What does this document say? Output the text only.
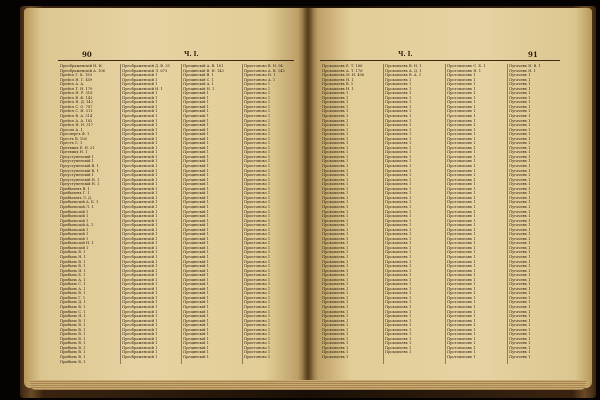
90	Ч. I.
Преображенскій Н. И.
Преображенскій А. 106
Прейсъ Г. К. 183
Прейсъ Н. Г. 459
Прейсъ А. А.
Прейсъ Т. Н. 179
Прейсъ Н. Р. 318
Прейсъ В. Ф. 143
Прейсъ Н. Д. 142
Прейсъ С. О. 787
Прейсъ С. И. 511
Прейсъ В. А. 514
Прейсъ А. А. 182
Прейсъ Н. Н. 317
Преолъ А. 1
Преспергъ Ф. 1
Престъ В. 106
Престъ С. 1
Претвицъ Е. Н. 21
Претвицъ Н. 1
Преуступенскій 1
Преуступенскій 1
Преуступенскій В. 1
Преуступенскій В. 1
Преуступенскій 1
Преуступенскій Н. 1
Преуступенскій Н. 1
Прибылевъ В. 1
Прибылевъ Г. 1
Прибылевъ Л. Д.
Прибыльскій А. Б. 1
Прибыльскій Л. 1
Прибыльскій 1
Прибыльскій 1
Прибыльскій 1
Прибыльскій А. 1
Прибыльскій 1
Прибыльскій 1
Прибыльскій 1
Прибыльскій Н. 1
Прибыльскій 1
Прибыль В. 1
Прибыль Н. 1
Прибыль В. 1
Прибыль В. 1
Прибыль И. 1
Прибыль Б. 1
Прибыль А. 1
Прибыль С. 1
Прибыль А. 1
Прибыль В. 1
Прибыль Г. 1
Прибыль Д. 1
Прибыль В. 1
Прибыль С. 1
Прибыль Н. 1
Прибыль В. 1
Прибыль В. 1
Прибыль В. 1
Прибыль В. 1
Прибыль В. 1
Прибыль В. 1
Прибыль В. 1
Прибыль В. 1
Прибыль В. 1
Прибыль В. 1
Преображенскій Д. В. 35
Преображенскій Л. 673
Преображенскій 1
Преображенскій 1
Преображенскій 1
Преображенскій Н. 1
Преображенскій 1
Преображенскій 1
Преображенскій 1
Преображенскій 1
Преображенскій 1
Преображенскій 1
Преображенскій 1
Преображенскій 1
Преображенскій 1
Преображенскій 1
Преображенскій 1
Преображенскій 1
Преображенскій 1
Преображенскій 1
Преображенскій 1
Преображенскій 1
Преображенскій 1
Преображенскій 1
Преображенскій 1
Преображенскій 1
Преображенскій 1
Преображенскій 1
Преображенскій 1
Преображенскій 1
Преображенскій 1
Преображенскій 1
Преображенскій 1
Преображенскій 1
Преображенскій 1
Преображенскій 1
Преображенскій 1
Преображенскій 1
Преображенскій 1
Преображенскій 1
Преображенскій 1
Преображенскій 1
Преображенскій 1
Преображенскій 1
Преображенскій 1
Преображенскій 1
Преображенскій 1
Преображенскій 1
Преображенскій 1
Преображенскій 1
Преображенскій 1
Преображенскій 1
Преображенскій 1
Преображенскій 1
Преображенскій 1
Преображенскій 1
Преображенскій 1
Преображенскій 1
Преображенскій 1
Преображенскій 1
Преображенскій 1
Преображенскій 1
Преображенскій 1
Преображенскій 1
Преображенскій 1
Прецинскій А. В. 161
Прецинскій В. Н. 143
Прецинскій В. 1
Прецинскій С. 1
Прецинскій А. 1
Прецинскій Н. 1
Прецинскій 1
Прецинскій 1
Прецинскій 1
Прецинскій 1
Прецинскій 1
Прецинскій 1
Прецинскій 1
Прецинскій 1
Прецинскій 1
Прецинскій 1
Прецинскій 1
Прецинскій 1
Прецинскій 1
Прецинскій 1
Прецинскій 1
Прецинскій 1
Прецинскій 1
Прецинскій 1
Прецинскій 1
Прецинскій 1
Прецинскій 1
Прецинскій 1
Прецинскій 1
Прецинскій 1
Прецинскій 1
Прецинскій 1
Прецинскій 1
Прецинскій 1
Прецинскій 1
Прецинскій 1
Прецинскій 1
Прецинскій 1
Прецинскій 1
Прецинскій 1
Прецинскій 1
Прецинскій 1
Прецинскій 1
Прецинскій 1
Прецинскій 1
Прецинскій 1
Прецинскій 1
Прецинскій 1
Прецинскій 1
Прецинскій 1
Прецинскій 1
Прецинскій 1
Прецинскій 1
Прецинскій 1
Прецинскій 1
Прецинскій 1
Прецинскій 1
Прецинскій 1
Прецинскій 1
Прецинскій 1
Прецинскій 1
Прецинскій 1
Прецинскій 1
Прецинскій 1
Прецинскій 1
Пристоново В. Н. 94
Пристоново А. В. 143
Пристоново Н. 1
Пристоново А. 1
Пристоново 1
Пристоново 1
Пристоново 1
Пристоново 1
Пристоново 1
Пристоново 1
Пристоново 1
Пристоново 1
Пристоново 1
Пристоново 1
Пристоново 1
Пристоново 1
Пристоново 1
Пристоново 1
Пристоново 1
Пристоново 1
Пристоново 1
Пристоново 1
Пристоново 1
Пристоново 1
Пристоново 1
Пристоново 1
Пристоново 1
Пристоново 1
Пристоново 1
Пристоново 1
Пристоново 1
Пристоново 1
Пристоново 1
Пристоново 1
Пристоново 1
Пристоново 1
Пристоново 1
Пристоново 1
Пристоново 1
Пристоново 1
Пристоново 1
Пристоново 1
Пристоново 1
Пристоново 1
Пристоново 1
Пристоново 1
Пристоново 1
Пристоново 1
Пристоново 1
Пристоново 1
Пристоново 1
Пристоново 1
Пристоново 1
Пристоново 1
Пристоново 1
Пристоново 1
Пристоново 1
Пристоново 1
Пристоново 1
Пристоново 1
Пристоново 1
Пристоново 1
Пристоново 1
Пристоново 1
Пристоново 1
Ч. I.	91
Прокопьевъ Е. Т. 166
Прокопьевъ А. Т. 176
Прокопьевъ М. Н. 406
Прокопьевъ Н. 1
Прокопьевъ В. 1
Прокопьевъ Н. 1
Прокопьевъ 1
Прокопьевъ 1
Прокопьевъ 1
Прокопьевъ 1
Прокопьевъ 1
Прокопьевъ 1
Прокопьевъ 1
Прокопьевъ 1
Прокопьевъ 1
Прокопьевъ 1
Прокопьевъ 1
Прокопьевъ 1
Прокопьевъ 1
Прокопьевъ 1
Прокопьевъ 1
Прокопьевъ 1
Прокопьевъ 1
Прокопьевъ 1
Прокопьевъ 1
Прокопьевъ 1
Прокопьевъ 1
Прокопьевъ 1
Прокопьевъ 1
Прокопьевъ 1
Прокопьевъ 1
Прокопьевъ 1
Прокопьевъ 1
Прокопьевъ 1
Прокопьевъ 1
Прокопьевъ 1
Прокопьевъ 1
Прокопьевъ 1
Прокопьевъ 1
Прокопьевъ 1
Прокопьевъ 1
Прокопьевъ 1
Прокопьевъ 1
Прокопьевъ 1
Прокопьевъ 1
Прокопьевъ 1
Прокопьевъ 1
Прокопьевъ 1
Прокопьевъ 1
Прокопьевъ 1
Прокопьевъ 1
Прокопьевъ 1
Прокопьевъ 1
Прокопьевъ 1
Прокопьевъ 1
Прокопьевъ 1
Прокопьевъ 1
Прокопьевъ 1
Прокопьевъ 1
Прокопьевъ 1
Прокопьевъ 1
Прокопьевъ 1
Прокопьевъ 1
Прокопьевъ 1
Прокопьевъ 1
Прокопьевъ В. Н. 1
Прокопьевъ А. Д. 1
Прокопьевъ В. А. 1
Прокопьевъ 1
Прокопьевъ 1
Прокопьевъ 1
Прокопьевъ 1
Прокопьевъ 1
Прокопьевъ 1
Прокопьевъ 1
Прокопьевъ 1
Прокопьевъ 1
Прокопьевъ 1
Прокопьевъ 1
Прокопьевъ 1
Прокопьевъ 1
Прокопьевъ 1
Прокопьевъ 1
Прокопьевъ 1
Прокопьевъ 1
Прокопьевъ 1
Прокопьевъ 1
Прокопьевъ 1
Прокопьевъ 1
Прокопьевъ 1
Прокопьевъ 1
Прокопьевъ 1
Прокопьевъ 1
Прокопьевъ 1
Прокопьевъ 1
Прокопьевъ 1
Прокопьевъ 1
Прокопьевъ 1
Прокопьевъ 1
Прокопьевъ 1
Прокопьевъ 1
Прокопьевъ 1
Прокопьевъ 1
Прокопьевъ 1
Прокопьевъ 1
Прокопьевъ 1
Прокопьевъ 1
Прокопьевъ 1
Прокопьевъ 1
Прокопьевъ 1
Прокопьевъ 1
Прокопьевъ 1
Прокопьевъ 1
Прокопьевъ 1
Прокопьевъ 1
Прокопьевъ 1
Прокопьевъ 1
Прокопьевъ 1
Прокопьевъ 1
Прокопьевъ 1
Прокопьевъ 1
Прокопьевъ 1
Прокопьевъ 1
Прокопьевъ 1
Прокопьевъ 1
Прокопьевъ 1
Прокопьевъ 1
Прокопьевъ 1
Прокопьевъ 1
Протопоповъ С. Б. 1
Протопоповъ Н. 1
Протопоповъ 1
Протопоповъ 1
Протопоповъ 1
Протопоповъ 1
Протопоповъ 1
Протопоповъ 1
Протопоповъ 1
Протопоповъ 1
Протопоповъ 1
Протопоповъ 1
Протопоповъ 1
Протопоповъ 1
Протопоповъ 1
Протопоповъ 1
Протопоповъ 1
Протопоповъ 1
Протопоповъ 1
Протопоповъ 1
Протопоповъ 1
Протопоповъ 1
Протопоповъ 1
Протопоповъ 1
Протопоповъ 1
Протопоповъ 1
Протопоповъ 1
Протопоповъ 1
Протопоповъ 1
Протопоповъ 1
Протопоповъ 1
Протопоповъ 1
Протопоповъ 1
Протопоповъ 1
Протопоповъ 1
Протопоповъ 1
Протопоповъ 1
Протопоповъ 1
Протопоповъ 1
Протопоповъ 1
Протопоповъ 1
Протопоповъ 1
Протопоповъ 1
Протопоповъ 1
Протопоповъ 1
Протопоповъ 1
Протопоповъ 1
Протопоповъ 1
Протопоповъ 1
Протопоповъ 1
Протопоповъ 1
Протопоповъ 1
Протопоповъ 1
Протопоповъ 1
Протопоповъ 1
Протопоповъ 1
Протопоповъ 1
Протопоповъ 1
Протопоповъ 1
Протопоповъ 1
Протопоповъ 1
Протопоповъ 1
Протопоповъ 1
Протопоповъ 1
Протопоповъ 1
Пугачевъ Н. В. 1
Пугачевъ Н. 1
Пугачевъ 1
Пугачевъ 1
Пугачевъ 1
Пугачевъ 1
Пугачевъ 1
Пугачевъ 1
Пугачевъ 1
Пугачевъ 1
Пугачевъ 1
Пугачевъ 1
Пугачевъ 1
Пугачевъ 1
Пугачевъ 1
Пугачевъ 1
Пугачевъ 1
Пугачевъ 1
Пугачевъ 1
Пугачевъ 1
Пугачевъ 1
Пугачевъ 1
Пугачевъ 1
Пугачевъ 1
Пугачевъ 1
Пугачевъ 1
Пугачевъ 1
Пугачевъ 1
Пугачевъ 1
Пугачевъ 1
Пугачевъ 1
Пугачевъ 1
Пугачевъ 1
Пугачевъ 1
Пугачевъ 1
Пугачевъ 1
Пугачевъ 1
Пугачевъ 1
Пугачевъ 1
Пугачевъ 1
Пугачевъ 1
Пугачевъ 1
Пугачевъ 1
Пугачевъ 1
Пугачевъ 1
Пугачевъ 1
Пугачевъ 1
Пугачевъ 1
Пугачевъ 1
Пугачевъ 1
Пугачевъ 1
Пугачевъ 1
Пугачевъ 1
Пугачевъ 1
Пугачевъ 1
Пугачевъ 1
Пугачевъ 1
Пугачевъ 1
Пугачевъ 1
Пугачевъ 1
Пугачевъ 1
Пугачевъ 1
Пугачевъ 1
Пугачевъ 1
Пугачевъ 1
